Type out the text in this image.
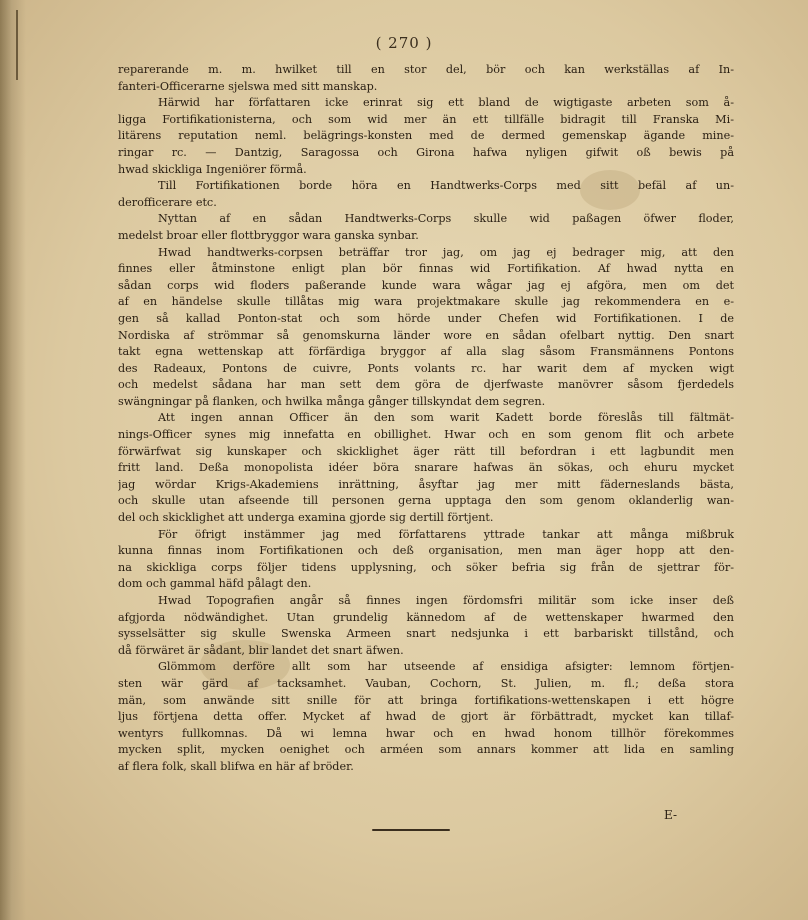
( 270 )
reparerande m. m. hwilket till en stor del, bör och kan werkställas af In-
fanteri-Officerarne sjelswa med sitt manskap.
Härwid har författaren icke erinrat sig ett bland de wigtigaste arbeten som å-
ligga Fortifikationisterna, och som wid mer än ett tillfälle bidragit till Franska Mi-
litärens reputation neml. belägrings-konsten med de dermed gemenskap ägande mine-
ringar rc. — Dantzig, Saragossa och Girona hafwa nyligen gifwit oß bewis på
hwad skickliga Ingeniörer förmå.
Till Fortifikationen borde höra en Handtwerks-Corps med sitt befäl af un-
derofficerare etc.
Nyttan af en sådan Handtwerks-Corps skulle wid paßagen öfwer floder,
medelst broar eller flottbryggor wara ganska synbar.
Hwad handtwerks-corpsen beträffar tror jag, om jag ej bedrager mig, att den
finnes eller åtminstone enligt plan bör finnas wid Fortifikation. Af hwad nytta en
sådan corps wid floders paßerande kunde wara wågar jag ej afgöra, men om det
af en händelse skulle tillåtas mig wara projektmakare skulle jag rekommendera en e-
gen så kallad Ponton-stat och som hörde under Chefen wid Fortifikationen. I de
Nordiska af strömmar så genomskurna länder wore en sådan ofelbart nyttig. Den snart
takt egna wettenskap att förfärdiga bryggor af alla slag såsom Fransmännens Pontons
des Radeaux, Pontons de cuivre, Ponts volants rc. har warit dem af mycken wigt
och medelst sådana har man sett dem göra de djerfwaste manövrer såsom fjerdedels
swängningar på flanken, och hwilka många gånger tillskyndat dem segren.
Att ingen annan Officer än den som warit Kadett borde föreslås till fältmät-
nings-Officer synes mig innefatta en obillighet. Hwar och en som genom flit och arbete
förwärfwat sig kunskaper och skicklighet äger rätt till befordran i ett lagbundit men
fritt land. Deßa monopolista idéer böra snarare hafwas än sökas, och ehuru mycket
jag wördar Krigs-Akademiens inrättning, åsyftar jag mer mitt fäderneslands bästa,
och skulle utan afseende till personen gerna upptaga den som genom oklanderlig wan-
del och skicklighet att underga examina gjorde sig dertill förtjent.
För öfrigt instämmer jag med författarens yttrade tankar att många mißbruk
kunna finnas inom Fortifikationen och deß organisation, men man äger hopp att den-
na skickliga corps följer tidens upplysning, och söker befria sig från de sjettrar för-
dom och gammal häfd pålagt den.
Hwad Topografien angår så finnes ingen fördomsfri militär som icke inser deß
afgjorda nödwändighet. Utan grundelig kännedom af de wettenskaper hwarmed den
sysselsätter sig skulle Swenska Armeen snart nedsjunka i ett barbariskt tillstånd, och
då förwäret är sådant, blir landet det snart äfwen.
Glömmom derföre allt som har utseende af ensidiga afsigter: lemnom förtjen-
sten wär gärd af tacksamhet. Vauban, Cochorn, St. Julien, m. fl.; deßa stora
män, som anwände sitt snille för att bringa fortifikations-wettenskapen i ett högre
ljus förtjena detta offer. Mycket af hwad de gjort är förbättradt, mycket kan tillaf-
wentyrs fullkomnas. Då wi lemna hwar och en hwad honom tillhör förekommes
mycken split, mycken oenighet och arméen som annars kommer att lida en samling
af flera folk, skall blifwa en här af bröder.
E-
